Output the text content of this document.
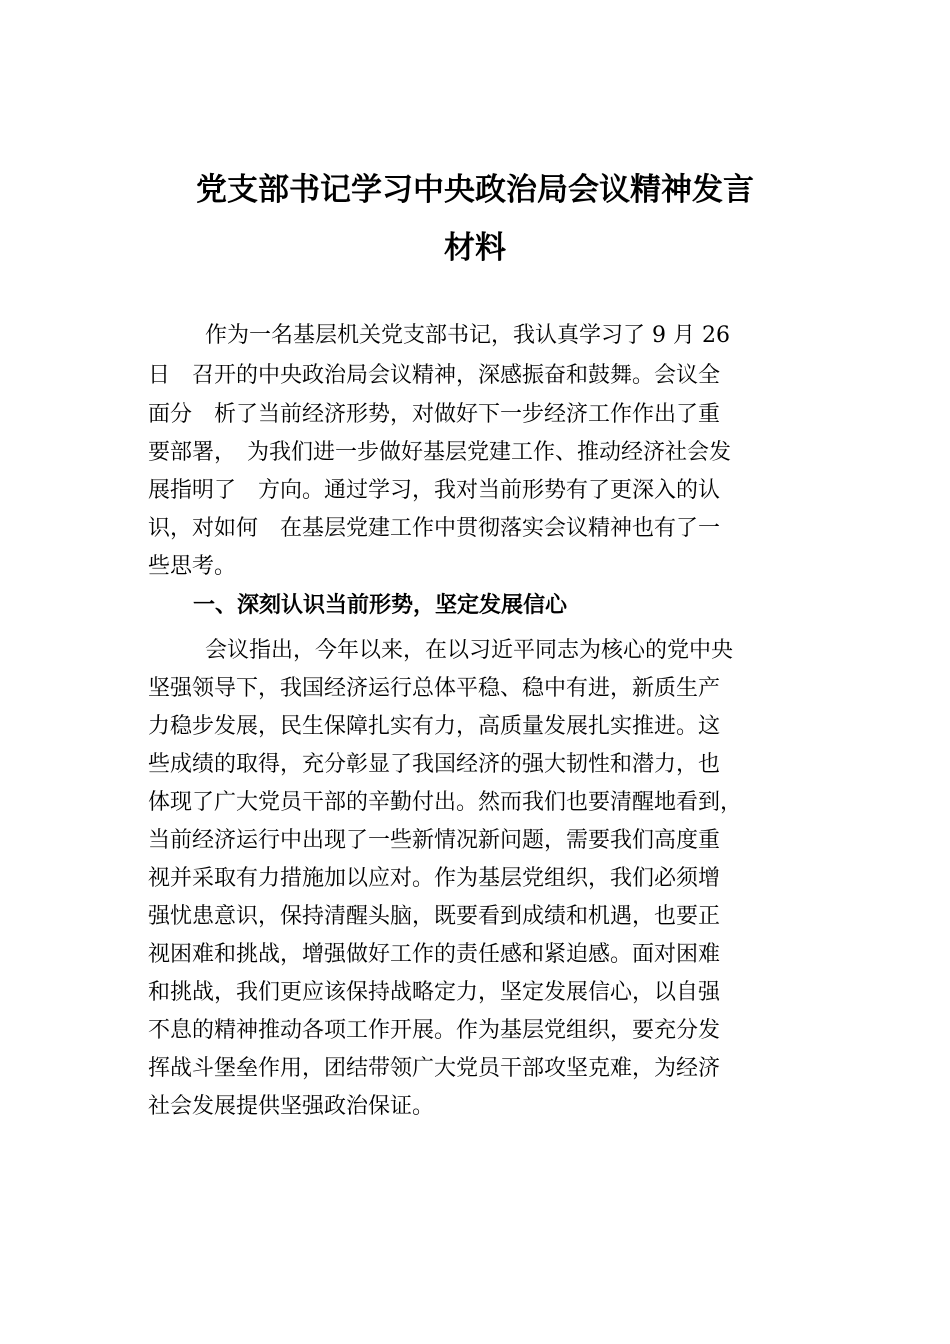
党支部书记学习中央政治局会议精神发言
材料

作为一名基层机关党支部书记，我认真学习了 9 月 26

日　召开的中央政治局会议精神，深感振奋和鼓舞。会议全

面分　析了当前经济形势，对做好下一步经济工作作出了重

要部署，　为我们进一步做好基层党建工作、推动经济社会发

展指明了　方向。通过学习，我对当前形势有了更深入的认

识，对如何　在基层党建工作中贯彻落实会议精神也有了一

些思考。

一、深刻认识当前形势，坚定发展信心

会议指出，今年以来，在以习近平同志为核心的党中央

坚强领导下，我国经济运行总体平稳、稳中有进，新质生产

力稳步发展，民生保障扎实有力，高质量发展扎实推进。这

些成绩的取得，充分彰显了我国经济的强大韧性和潜力，也

体现了广大党员干部的辛勤付出。然而我们也要清醒地看到，

当前经济运行中出现了一些新情况新问题，需要我们高度重

视并采取有力措施加以应对。作为基层党组织，我们必须增

强忧患意识，保持清醒头脑，既要看到成绩和机遇，也要正

视困难和挑战，增强做好工作的责任感和紧迫感。面对困难

和挑战，我们更应该保持战略定力，坚定发展信心，以自强

不息的精神推动各项工作开展。作为基层党组织，要充分发

挥战斗堡垒作用，团结带领广大党员干部攻坚克难，为经济

社会发展提供坚强政治保证。
